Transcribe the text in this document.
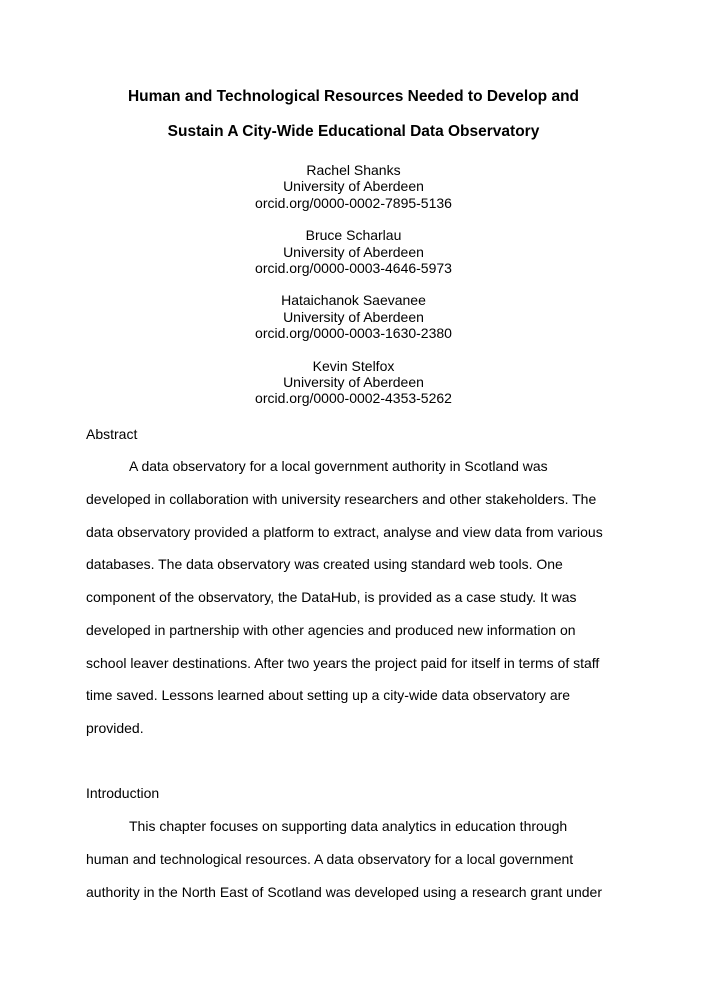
Human and Technological Resources Needed to Develop and
Sustain A City-Wide Educational Data Observatory
Rachel Shanks
University of Aberdeen
orcid.org/0000-0002-7895-5136
Bruce Scharlau
University of Aberdeen
orcid.org/0000-0003-4646-5973
Hataichanok Saevanee
University of Aberdeen
orcid.org/0000-0003-1630-2380
Kevin Stelfox
University of Aberdeen
orcid.org/0000-0002-4353-5262
Abstract
A data observatory for a local government authority in Scotland was
developed in collaboration with university researchers and other stakeholders. The
data observatory provided a platform to extract, analyse and view data from various
databases. The data observatory was created using standard web tools. One
component of the observatory, the DataHub, is provided as a case study. It was
developed in partnership with other agencies and produced new information on
school leaver destinations. After two years the project paid for itself in terms of staff
time saved. Lessons learned about setting up a city-wide data observatory are
provided.
Introduction
This chapter focuses on supporting data analytics in education through
human and technological resources. A data observatory for a local government
authority in the North East of Scotland was developed using a research grant under
